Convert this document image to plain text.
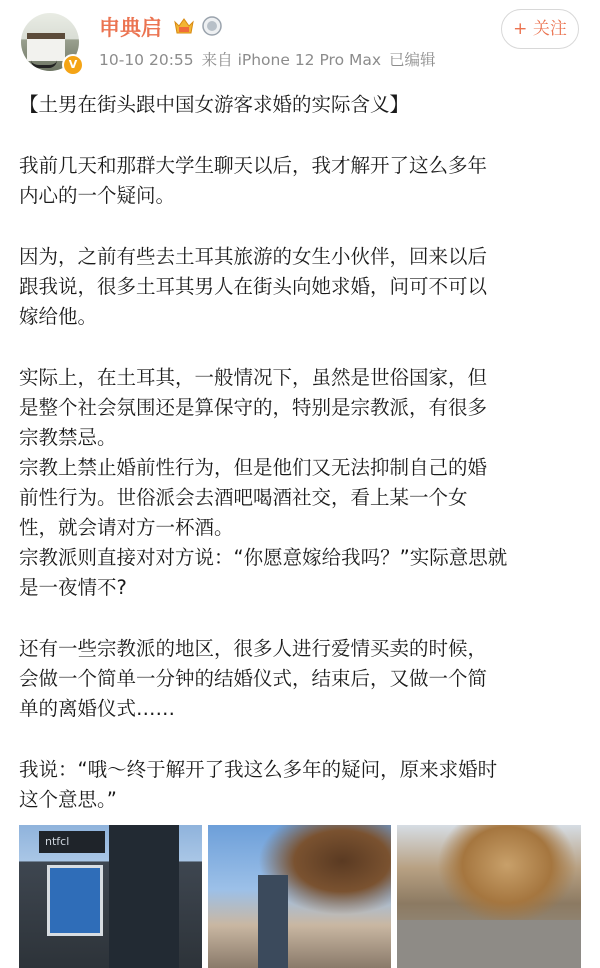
V
申典启
10-10 20:55 来自 iPhone 12 Pro Max 已编辑
+ 关注

【土男在街头跟中国女游客求婚的实际含义】

我前几天和那群大学生聊天以后，我才解开了这么多年

内心的一个疑问。

因为，之前有些去土耳其旅游的女生小伙伴，回来以后

跟我说，很多土耳其男人在街头向她求婚，问可不可以

嫁给他。

实际上，在土耳其，一般情况下，虽然是世俗国家，但

是整个社会氛围还是算保守的，特别是宗教派，有很多

宗教禁忌。

宗教上禁止婚前性行为，但是他们又无法抑制自己的婚

前性行为。世俗派会去酒吧喝酒社交，看上某一个女

性，就会请对方一杯酒。

宗教派则直接对对方说：“你愿意嫁给我吗？”实际意思就

是一夜情不?

还有一些宗教派的地区，很多人进行爱情买卖的时候，

会做一个简单一分钟的结婚仪式，结束后，又做一个简

单的离婚仪式……

我说：“哦～终于解开了我这么多年的疑问，原来求婚时

这个意思。”

ntfcl
